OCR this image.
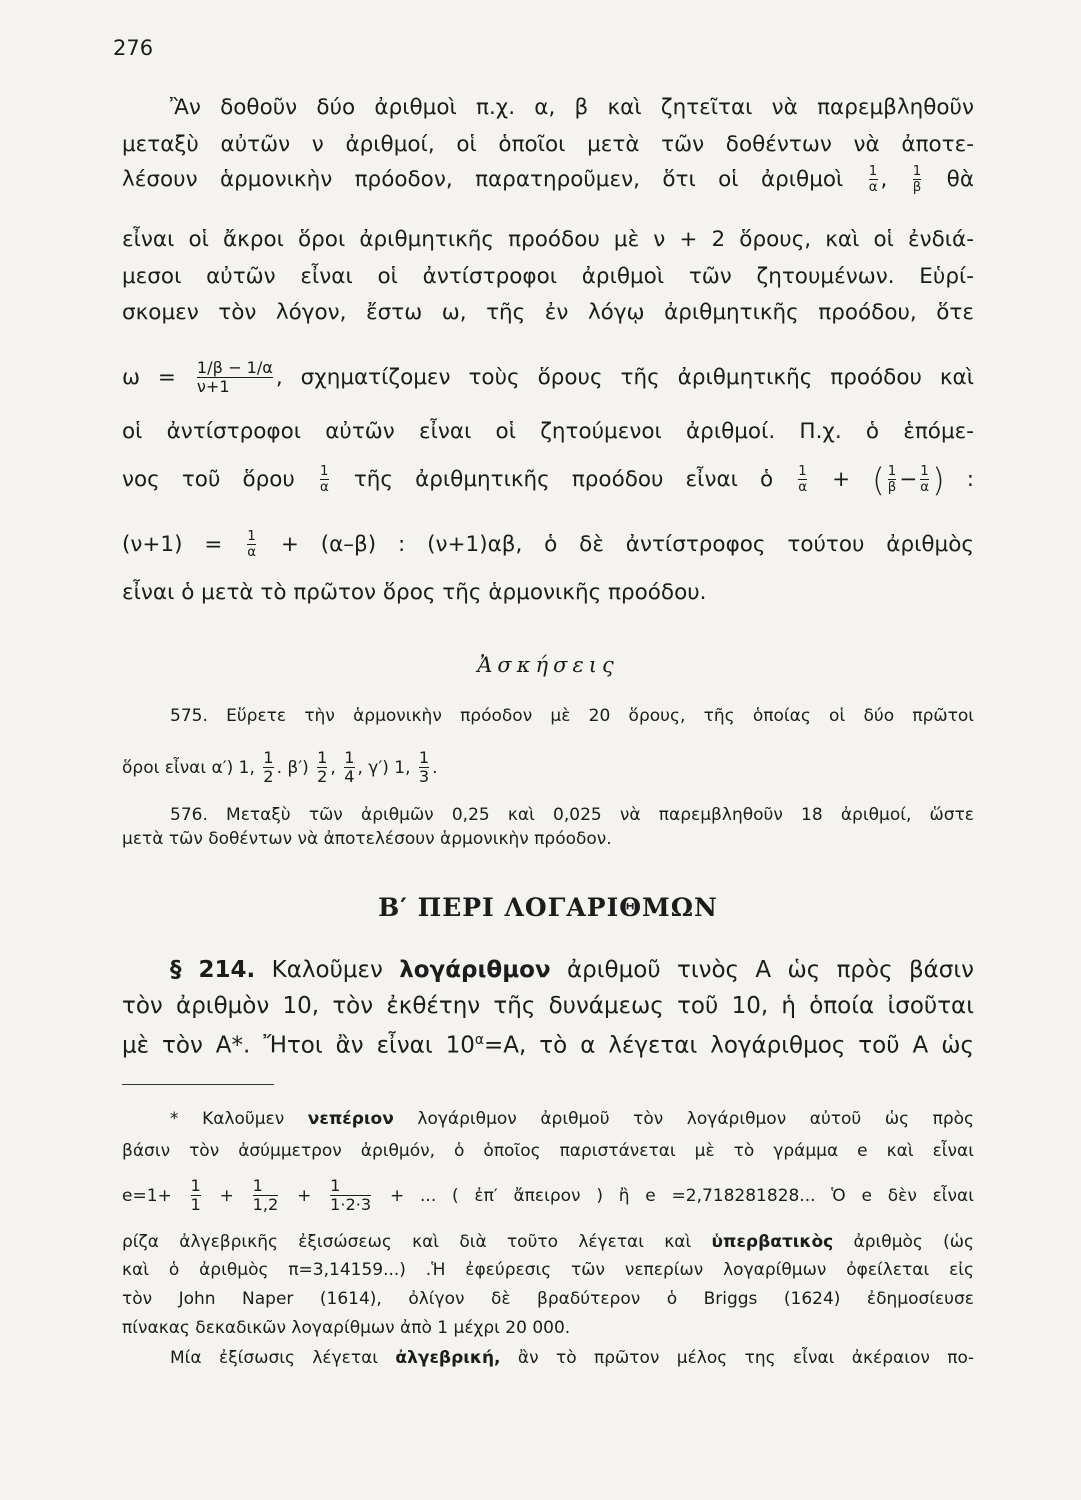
276
Ἂν δοθοῦν δύο ἀριθμοὶ π.χ. α, β καὶ ζητεῖται νὰ παρεμβληθοῦν
μεταξὺ αὐτῶν ν ἀριθμοί, οἱ ὁποῖοι μετὰ τῶν δοθέντων νὰ ἀποτε-
λέσουν ἁρμονικὴν πρόοδον, παρατηροῦμεν, ὅτι οἱ ἀριθμοὶ $\frac{1}{\alpha}$ , $\frac{1}{\beta}$ θὰ
εἶναι οἱ ἄκροι ὅροι ἀριθμητικῆς προόδου μὲ ν + 2 ὅρους, καὶ οἱ ἐνδιά-
μεσοι αὐτῶν εἶναι οἱ ἀντίστροφοι ἀριθμοὶ τῶν ζητουμένων. Εὑρί-
σκομεν τὸν λόγον, ἔστω ω, τῆς ἐν λόγῳ ἀριθμητικῆς προόδου, ὅτε
$\omega = \frac{1/\beta - 1/\alpha}{\nu+1}$ , σχηματίζομεν τοὺς ὅρους τῆς ἀριθμητικῆς προόδου καὶ
οἱ ἀντίστροφοι αὐτῶν εἶναι οἱ ζητούμενοι ἀριθμοί. Π.χ. ὁ ἑπόμε-
νος τοῦ ὅρου $\frac{1}{\alpha}$ τῆς ἀριθμητικῆς προόδου εἶναι ὁ $\frac{1}{\alpha}$ + ( $\frac{1}{\beta} - \frac{1}{\alpha}$ ) :
$(\nu+1) = \frac{1}{\alpha} + (\alpha-\beta)$ : (ν+1)αβ, ὁ δὲ ἀντίστροφος τούτου ἀριθμὸς
εἶναι ὁ μετὰ τὸ πρῶτον ὅρος τῆς ἁρμονικῆς προόδου.
Ἀσκήσεις
575. Εὕρετε τὴν ἁρμονικὴν πρόοδον μὲ 20 ὅρους, τῆς ὁποίας οἱ δύο πρῶτοι
ὅροι εἶναι α′) 1, $\frac{1}{2}$ . $\beta') \frac{1}{2}$ , $\frac{1}{4}$ , γ′) 1, $\frac{1}{3}$ .
576. Μεταξὺ τῶν ἀριθμῶν 0,25 καὶ 0,025 νὰ παρεμβληθοῦν 18 ἀριθμοί, ὥστε
μετὰ τῶν δοθέντων νὰ ἀποτελέσουν ἁρμονικὴν πρόοδον.
Β′ ΠΕΡΙ ΛΟΓΑΡΙΘΜΩΝ
§ 214. Καλοῦμεν λογάριθμον ἀριθμοῦ τινὸς Α ὡς πρὸς βάσιν
τὸν ἀριθμὸν 10, τὸν ἐκθέτην τῆς δυνάμεως τοῦ 10, ἡ ὁποία ἰσοῦται
μὲ τὸν Α*. Ἤτοι ἂν εἶναι $10^\alpha=A$, τὸ α λέγεται λογάριθμος τοῦ Α ὡς
* Καλοῦμεν νεπέριον λογάριθμον ἀριθμοῦ τὸν λογάριθμον αὐτοῦ ὡς πρὸς
βάσιν τὸν ἀσύμμετρον ἀριθμόν, ὁ ὁποῖος παριστάνεται μὲ τὸ γράμμα e καὶ εἶναι
$e=1+ \frac{1}{1} + \frac{1}{1,2} + \frac{1}{1\cdot 2\cdot 3}$ + ... ( ἐπ′ ἄπειρον ) ἢ e =2,718281828... Ὁ e δὲν εἶναι
ρίζα ἀλγεβρικῆς ἐξισώσεως καὶ διὰ τοῦτο λέγεται καὶ ὑπερβατικὸς ἀριθμὸς (ὡς
καὶ ὁ ἀριθμὸς π=3,14159...) .Ἡ ἐφεύρεσις τῶν νεπερίων λογαρίθμων ὀφείλεται εἰς
τὸν John Naper (1614), ὀλίγον δὲ βραδύτερον ὁ Briggs (1624) ἐδημοσίευσε
πίνακας δεκαδικῶν λογαρίθμων ἀπὸ 1 μέχρι 20 000.
Μία ἐξίσωσις λέγεται ἀλγεβρική, ἂν τὸ πρῶτον μέλος της εἶναι ἀκέραιον πο-
